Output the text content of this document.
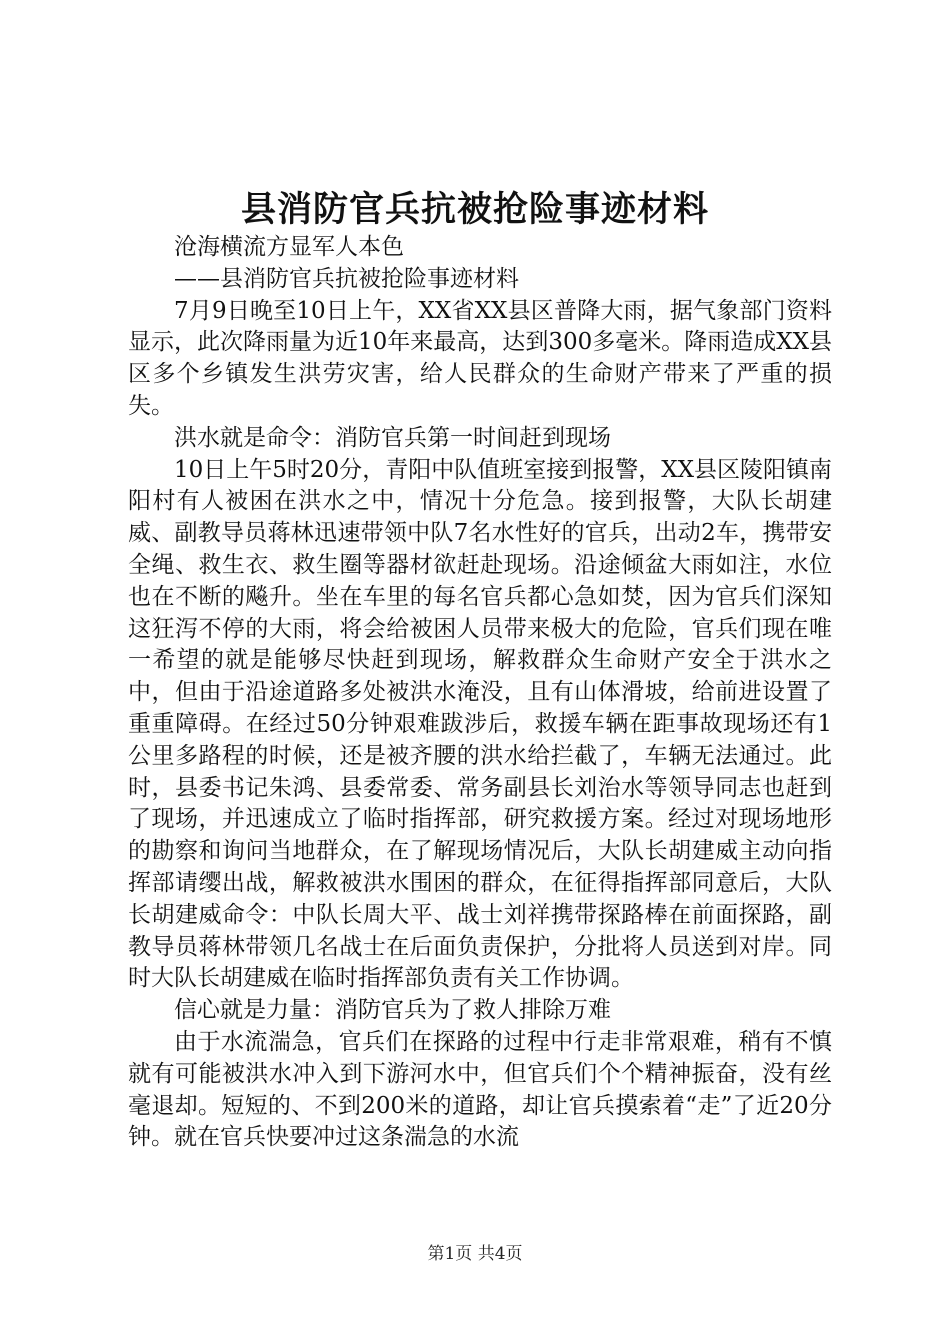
县消防官兵抗被抢险事迹材料

沧海横流方显军人本色

——县消防官兵抗被抢险事迹材料

7月9日晚至10日上午，XX省XX县区普降大雨，据气象部门资料显示，此次降雨量为近10年来最高，达到300多毫米。降雨造成XX县区多个乡镇发生洪劳灾害，给人民群众的生命财产带来了严重的损失。

洪水就是命令：消防官兵第一时间赶到现场

10日上午5时20分，青阳中队值班室接到报警，XX县区陵阳镇南阳村有人被困在洪水之中，情况十分危急。接到报警，大队长胡建威、副教导员蒋林迅速带领中队7名水性好的官兵，出动2车，携带安全绳、救生衣、救生圈等器材欲赶赴现场。沿途倾盆大雨如注，水位也在不断的飚升。坐在车里的每名官兵都心急如焚，因为官兵们深知这狂泻不停的大雨，将会给被困人员带来极大的危险，官兵们现在唯一希望的就是能够尽快赶到现场，解救群众生命财产安全于洪水之中，但由于沿途道路多处被洪水淹没，且有山体滑坡，给前进设置了重重障碍。在经过50分钟艰难跋涉后，救援车辆在距事故现场还有1公里多路程的时候，还是被齐腰的洪水给拦截了，车辆无法通过。此时，县委书记朱鸿、县委常委、常务副县长刘治水等领导同志也赶到了现场，并迅速成立了临时指挥部，研究救援方案。经过对现场地形的勘察和询问当地群众，在了解现场情况后，大队长胡建威主动向指挥部请缨出战，解救被洪水围困的群众，在征得指挥部同意后，大队长胡建威命令：中队长周大平、战士刘祥携带探路棒在前面探路，副教导员蒋林带领几名战士在后面负责保护，分批将人员送到对岸。同时大队长胡建威在临时指挥部负责有关工作协调。

信心就是力量：消防官兵为了救人排除万难

由于水流湍急，官兵们在探路的过程中行走非常艰难，稍有不慎就有可能被洪水冲入到下游河水中，但官兵们个个精神振奋，没有丝毫退却。短短的、不到200米的道路，却让官兵摸索着“走”了近20分钟。就在官兵快要冲过这条湍急的水流

第1页 共4页
